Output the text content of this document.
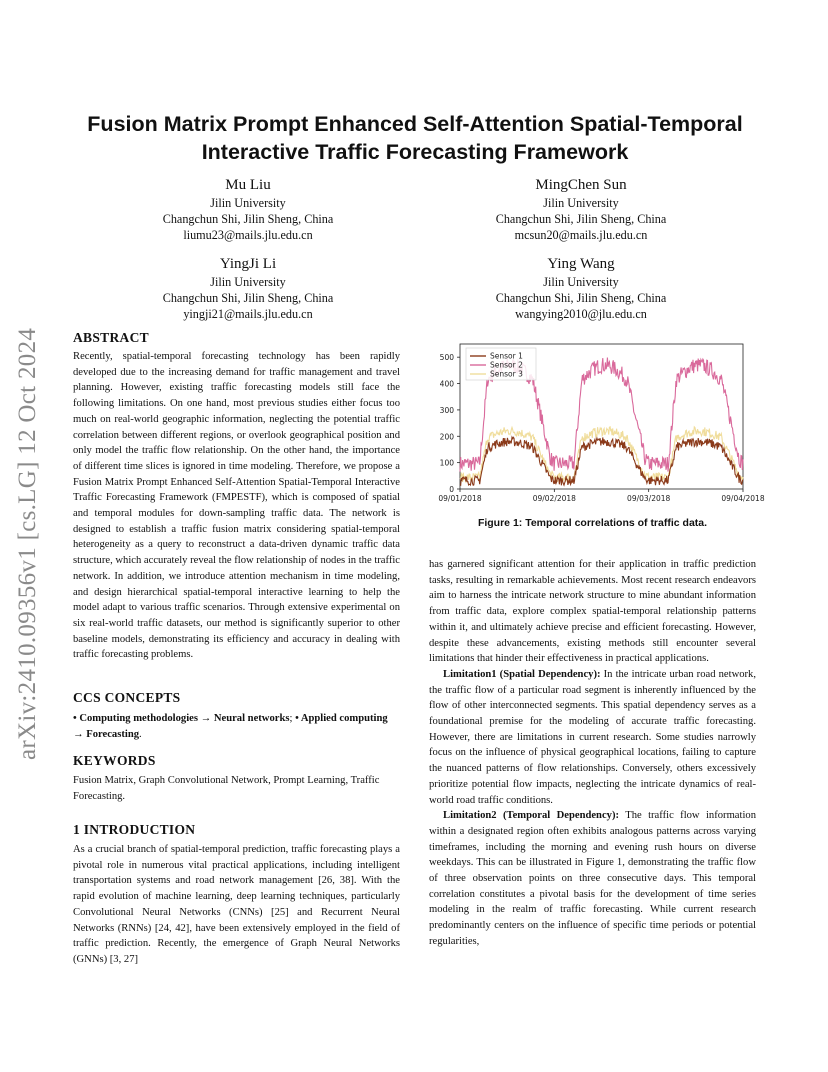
arXiv:2410.09356v1 [cs.LG] 12 Oct 2024
Fusion Matrix Prompt Enhanced Self-Attention Spatial-Temporal
Interactive Traffic Forecasting Framework
Mu Liu
Jilin University
Changchun Shi, Jilin Sheng, China
liumu23@mails.jlu.edu.cn
MingChen Sun
Jilin University
Changchun Shi, Jilin Sheng, China
mcsun20@mails.jlu.edu.cn
YingJi Li
Jilin University
Changchun Shi, Jilin Sheng, China
yingji21@mails.jlu.edu.cn
Ying Wang
Jilin University
Changchun Shi, Jilin Sheng, China
wangying2010@jlu.edu.cn
ABSTRACT

Recently, spatial-temporal forecasting technology has been rapidly developed due to the increasing demand for traffic management and travel planning. However, existing traffic forecasting models still face the following limitations. On one hand, most previous studies either focus too much on real-world geographic information, neglecting the potential traffic correlation between different regions, or overlook geographical position and only model the traffic flow relationship. On the other hand, the importance of different time slices is ignored in time modeling. Therefore, we propose a Fusion Matrix Prompt Enhanced Self-Attention Spatial-Temporal Interactive Traffic Forecasting Framework (FMPESTF), which is composed of spatial and temporal modules for down-sampling traffic data. The network is designed to establish a traffic fusion matrix considering spatial-temporal heterogeneity as a query to reconstruct a data-driven dynamic traffic data structure, which accurately reveal the flow relationship of nodes in the traffic network. In addition, we introduce attention mechanism in time modeling, and design hierarchical spatial-temporal interactive learning to help the model adapt to various traffic scenarios. Through extensive experimental on six real-world traffic datasets, our method is significantly superior to other baseline models, demonstrating its efficiency and accuracy in dealing with traffic forecasting problems.

CCS CONCEPTS

• Computing methodologies → Neural networks; • Applied computing → Forecasting.

KEYWORDS

Fusion Matrix, Graph Convolutional Network, Prompt Learning, Traffic Forecasting.

1 INTRODUCTION

As a crucial branch of spatial-temporal prediction, traffic forecasting plays a pivotal role in numerous vital practical applications, including intelligent transportation systems and road network management [26, 38]. With the rapid evolution of machine learning, deep learning techniques, particularly Convolutional Neural Networks (CNNs) [25] and Recurrent Neural Networks (RNNs) [24, 42], have been extensively employed in the field of traffic prediction. Recently, the emergence of Graph Neural Networks (GNNs) [3, 27]

0
100
200
300
400
500
09/01/2018	09/02/2018	09/03/2018	09/04/2018
Sensor 1
Sensor 2
Sensor 3
Figure 1: Temporal correlations of traffic data.

has garnered significant attention for their application in traffic prediction tasks, resulting in remarkable achievements. Most recent research endeavors aim to harness the intricate network structure to mine abundant information from traffic data, explore complex spatial-temporal relationship patterns within it, and ultimately achieve precise and efficient forecasting. However, despite these advancements, existing methods still encounter several limitations that hinder their effectiveness in practical applications.

Limitation1 (Spatial Dependency): In the intricate urban road network, the traffic flow of a particular road segment is inherently influenced by the flow of other interconnected segments. This spatial dependency serves as a foundational premise for the modeling of accurate traffic forecasting. However, there are limitations in current research. Some studies narrowly focus on the influence of physical geographical locations, failing to capture the nuanced patterns of flow relationships. Conversely, others excessively prioritize potential flow impacts, neglecting the intricate dynamics of real-world road traffic conditions.

Limitation2 (Temporal Dependency): The traffic flow information within a designated region often exhibits analogous patterns across varying timeframes, including the morning and evening rush hours on diverse weekdays. This can be illustrated in Figure 1, demonstrating the traffic flow of three observation points on three consecutive days. This temporal correlation constitutes a pivotal basis for the development of time series modeling in the realm of traffic forecasting. While current research predominantly centers on the influence of specific time periods or potential regularities,
